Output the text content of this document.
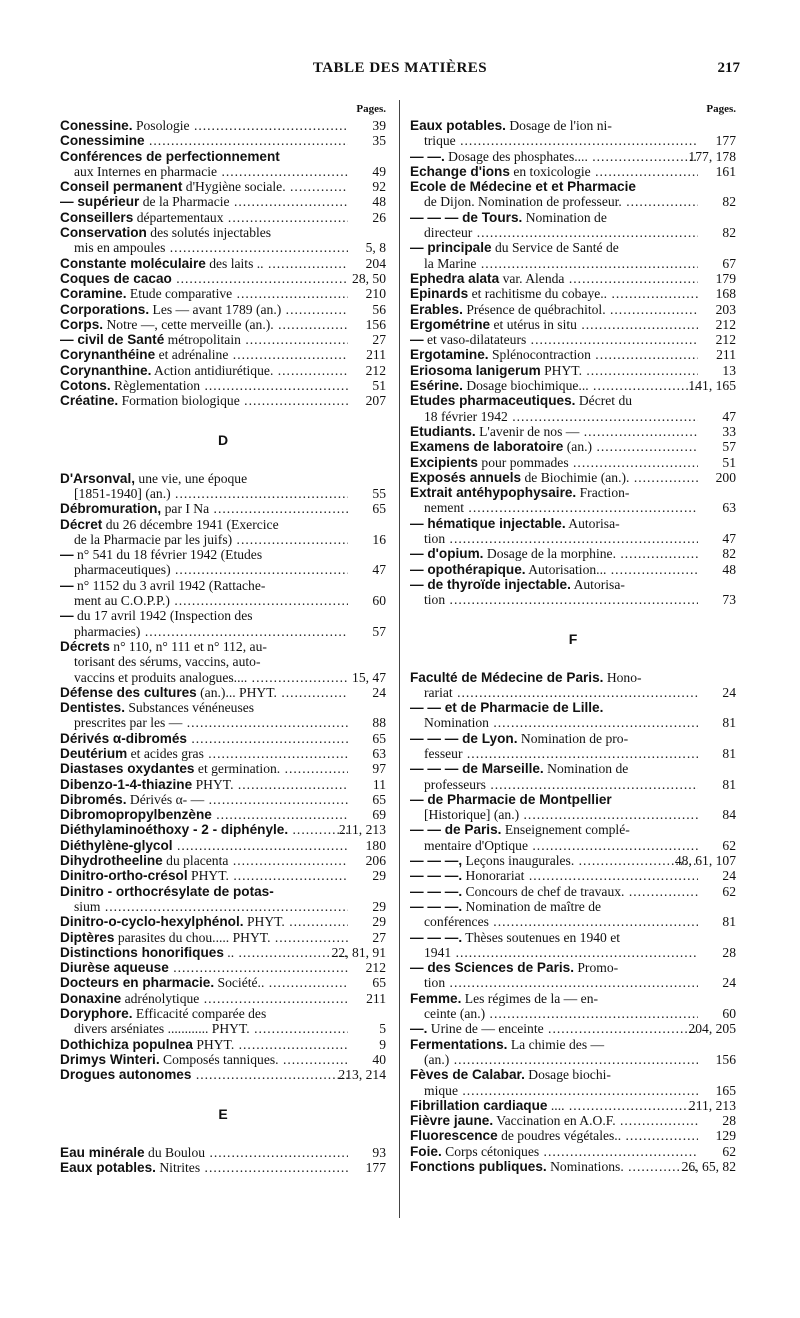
TABLE DES MATIÈRES	217
Pages.
Conessine. Posologie .....	39
Conessimine .....	35
Conférences de perfectionnement
aux Internes en pharmacie .....	49
Conseil permanent d'Hygiène sociale. .....	92
— supérieur de la Pharmacie .....	48
Conseillers départementaux .....	26
Conservation des solutés injectables
mis en ampoules .....	5, 8
Constante moléculaire des laits .. .....	204
Coques de cacao .....	28, 50
Coramine. Etude comparative .....	210
Corporations. Les — avant 1789 (an.) .....	56
Corps. Notre —, cette merveille (an.). .....	156
— civil de Santé métropolitain .....	27
Corynanthéine et adrénaline .....	211
Corynanthine. Action antidiurétique. .....	212
Cotons. Règlementation .....	51
Créatine. Formation biologique .....	207
D
D'Arsonval, une vie, une époque
[1851-1940] (an.) .....	55
Débromuration, par I Na .....	65
Décret du 26 décembre 1941 (Exercice
de la Pharmacie par les juifs) .....	16
— n° 541 du 18 février 1942 (Etudes
pharmaceutiques) .....	47
— n° 1152 du 3 avril 1942 (Rattache-
ment au C.O.P.P.) .....	60
— du 17 avril 1942 (Inspection des
pharmacies) .....	57
Décrets n° 110, n° 111 et n° 112, au-
torisant des sérums, vaccins, auto-
vaccins et produits analogues.... .....	15, 47
Défense des cultures (an.)... PHYT. .....	24
Dentistes. Substances vénéneuses
prescrites par les — .....	88
Dérivés α-dibromés .....	65
Deutérium et acides gras .....	63
Diastases oxydantes et germination. .....	97
Dibenzo-1-4-thiazine PHYT. .....	11
Dibromés. Dérivés α- — .....	65
Dibromopropylbenzène .....	69
Diéthylaminoéthoxy - 2 - diphényle. .....	211, 213
Diéthylène-glycol .....	180
Dihydrotheeline du placenta .....	206
Dinitro-ortho-crésol PHYT. .....	29
Dinitro - orthocrésylate de potas-
sium .....	29
Dinitro-o-cyclo-hexylphénol. PHYT. .....	29
Diptères parasites du chou..... PHYT. .....	27
Distinctions honorifiques .. .....	22, 81, 91
Diurèse aqueuse .....	212
Docteurs en pharmacie. Société.. .....	65
Donaxine adrénolytique .....	211
Doryphore. Efficacité comparée des
divers arséniates ............ PHYT. .....	5
Dothichiza populnea PHYT. .....	9
Drimys Winteri. Composés tanniques. .....	40
Drogues autonomes .....	213, 214
E
Eau minérale du Boulou .....	93
Eaux potables. Nitrites .....	177
Pages.
Eaux potables. Dosage de l'ion ni-
trique .....	177
— —. Dosage des phosphates.... .....	177, 178
Echange d'ions en toxicologie .....	161
Ecole de Médecine et et Pharmacie
de Dijon. Nomination de professeur. .....	82
— — — de Tours. Nomination de
directeur .....	82
— principale du Service de Santé de
la Marine .....	67
Ephedra alata var. Alenda .....	179
Epinards et rachitisme du cobaye.. .....	168
Erables. Présence de québrachitol. .....	203
Ergométrine et utérus in situ .....	212
— et vaso-dilatateurs .....	212
Ergotamine. Splénocontraction .....	211
Eriosoma lanigerum PHYT. .....	13
Esérine. Dosage biochimique... .....	141, 165
Etudes pharmaceutiques. Décret du
18 février 1942 .....	47
Etudiants. L'avenir de nos — .....	33
Examens de laboratoire (an.) .....	57
Excipients pour pommades .....	51
Exposés annuels de Biochimie (an.). .....	200
Extrait antéhypophysaire. Fraction-
nement .....	63
— hématique injectable. Autorisa-
tion .....	47
— d'opium. Dosage de la morphine. .....	82
— opothérapique. Autorisation... .....	48
— de thyroïde injectable. Autorisa-
tion .....	73
F
Faculté de Médecine de Paris. Hono-
rariat .....	24
— — et de Pharmacie de Lille.
Nomination .....	81
— — — de Lyon. Nomination de pro-
fesseur .....	81
— — — de Marseille. Nomination de
professeurs .....	81
— de Pharmacie de Montpellier
[Historique] (an.) .....	84
— — de Paris. Enseignement complé-
mentaire d'Optique .....	62
— — —, Leçons inaugurales. .....	48, 61, 107
— — —. Honorariat .....	24
— — —. Concours de chef de travaux. .....	62
— — —. Nomination de maître de
conférences .....	81
— — —. Thèses soutenues en 1940 et
1941 .....	28
— des Sciences de Paris. Promo-
tion .....	24
Femme. Les régimes de la — en-
ceinte (an.) .....	60
—. Urine de — enceinte .....	204, 205
Fermentations. La chimie des —
(an.) .....	156
Fèves de Calabar. Dosage biochi-
mique .....	165
Fibrillation cardiaque .... .....	211, 213
Fièvre jaune. Vaccination en A.O.F. .....	28
Fluorescence de poudres végétales.. .....	129
Foie. Corps cétoniques .....	62
Fonctions publiques. Nominations. .....	26, 65, 82
